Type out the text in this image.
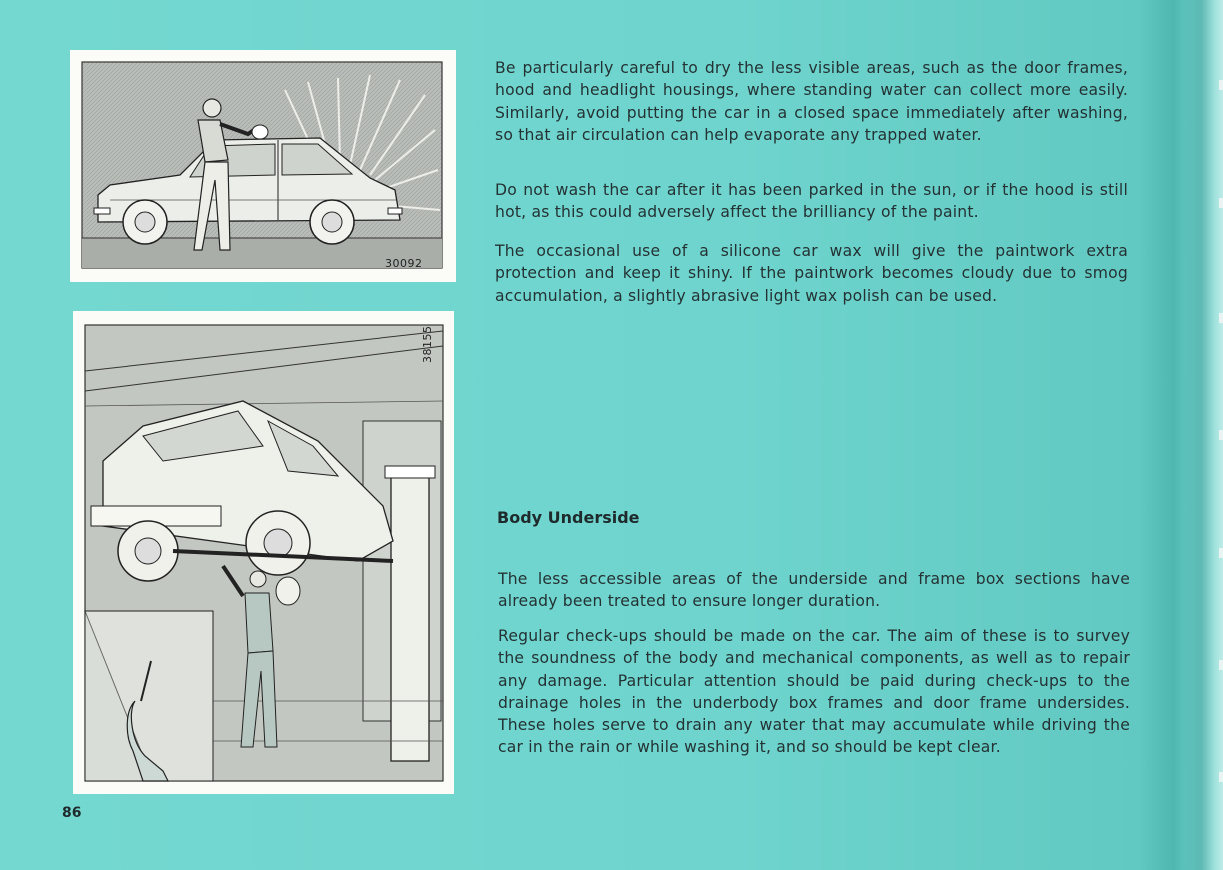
30092
38155

Be particularly careful to dry the less visible areas, such as the door frames, hood and headlight housings, where standing water can collect more easily. Similarly, avoid putting the car in a closed space immediately after washing, so that air circulation can help evaporate any trapped water.

Do not wash the car after it has been parked in the sun, or if the hood is still hot, as this could adversely affect the brilliancy of the paint.

The occasional use of a silicone car wax will give the paintwork extra protection and keep it shiny. If the paintwork becomes cloudy due to smog accumulation, a slightly abrasive light wax polish can be used.

Body Underside

The less accessible areas of the underside and frame box sections have already been treated to ensure longer duration.

Regular check-ups should be made on the car. The aim of these is to survey the soundness of the body and mechanical components, as well as to repair any damage. Particular attention should be paid during check-ups to the drainage holes in the underbody box frames and door frame undersides. These holes serve to drain any water that may accumulate while driving the car in the rain or while washing it, and so should be kept clear.

86
